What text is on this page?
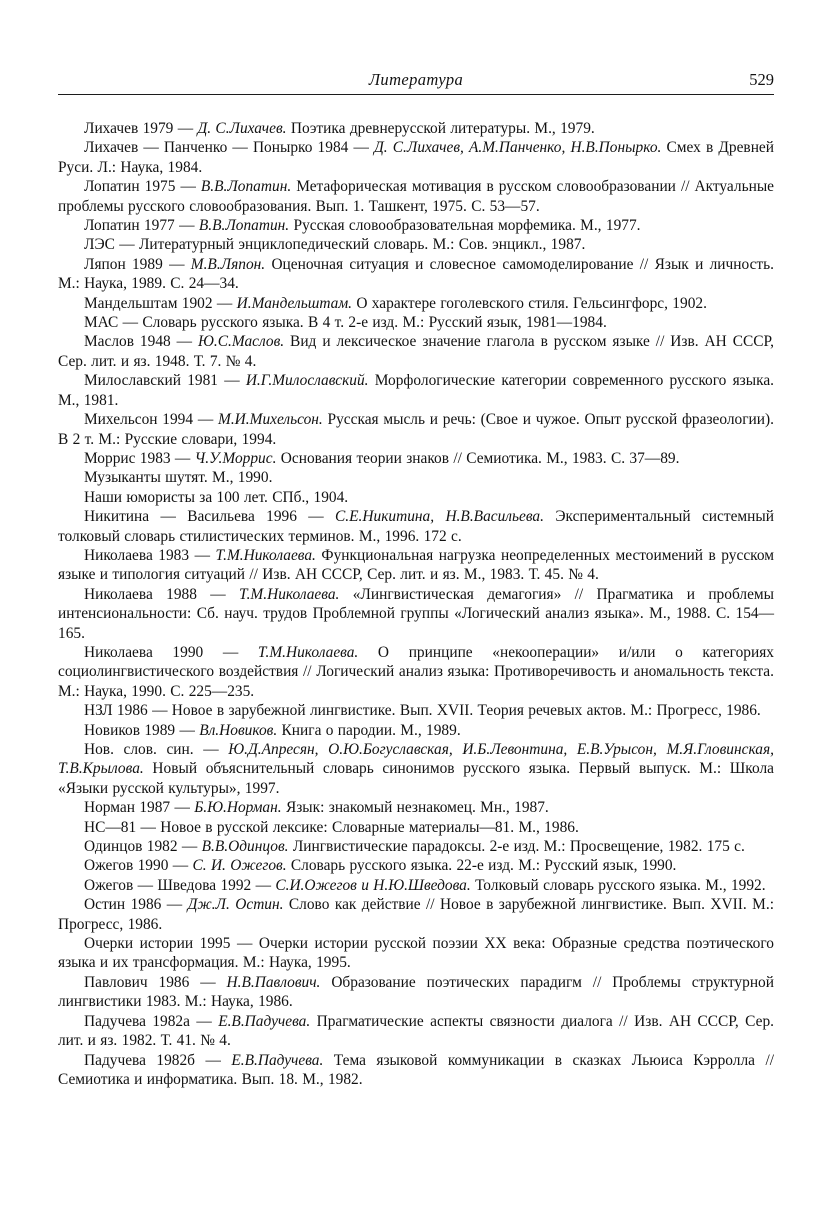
Литература	529

Лихачев 1979 — Д. С.Лихачев. Поэтика древнерусской литературы. М., 1979.

Лихачев — Панченко — Понырко 1984 — Д. С.Лихачев, А.М.Панченко, Н.В.Понырко. Смех в Древней Руси. Л.: Наука, 1984.

Лопатин 1975 — В.В.Лопатин. Метафорическая мотивация в русском словообразовании // Актуальные проблемы русского словообразования. Вып. 1. Ташкент, 1975. С. 53—57.

Лопатин 1977 — В.В.Лопатин. Русская словообразовательная морфемика. М., 1977.

ЛЭС — Литературный энциклопедический словарь. М.: Сов. энцикл., 1987.

Ляпон 1989 — М.В.Ляпон. Оценочная ситуация и словесное самомоделирование // Язык и личность. М.: Наука, 1989. С. 24—34.

Мандельштам 1902 — И.Мандельштам. О характере гоголевского стиля. Гельсингфорс, 1902.

МАС — Словарь русского языка. В 4 т. 2-е изд. М.: Русский язык, 1981—1984.

Маслов 1948 — Ю.С.Маслов. Вид и лексическое значение глагола в русском языке // Изв. АН СССР, Сер. лит. и яз. 1948. Т. 7. № 4.

Милославский 1981 — И.Г.Милославский. Морфологические категории современного русского языка. М., 1981.

Михельсон 1994 — М.И.Михельсон. Русская мысль и речь: (Свое и чужое. Опыт русской фразеологии). В 2 т. М.: Русские словари, 1994.

Моррис 1983 — Ч.У.Моррис. Основания теории знаков // Семиотика. М., 1983. С. 37—89.

Музыканты шутят. М., 1990.

Наши юмористы за 100 лет. СПб., 1904.

Никитина — Васильева 1996 — С.Е.Никитина, Н.В.Васильева. Экспериментальный системный толковый словарь стилистических терминов. М., 1996. 172 с.

Николаева 1983 — Т.М.Николаева. Функциональная нагрузка неопределенных местоимений в русском языке и типология ситуаций // Изв. АН СССР, Сер. лит. и яз. М., 1983. Т. 45. № 4.

Николаева 1988 — Т.М.Николаева. «Лингвистическая демагогия» // Прагматика и проблемы интенсиональности: Сб. науч. трудов Проблемной группы «Логический анализ языка». М., 1988. С. 154—165.

Николаева 1990 — Т.М.Николаева. О принципе «некооперации» и/или о категориях социолингвистического воздействия // Логический анализ языка: Противоречивость и аномальность текста. М.: Наука, 1990. С. 225—235.

НЗЛ 1986 — Новое в зарубежной лингвистике. Вып. XVII. Теория речевых актов. М.: Прогресс, 1986.

Новиков 1989 — Вл.Новиков. Книга о пародии. М., 1989.

Нов. слов. син. — Ю.Д.Апресян, О.Ю.Богуславская, И.Б.Левонтина, Е.В.Урысон, М.Я.Гловинская, Т.В.Крылова. Новый объяснительный словарь синонимов русского языка. Первый выпуск. М.: Школа «Языки русской культуры», 1997.

Норман 1987 — Б.Ю.Норман. Язык: знакомый незнакомец. Мн., 1987.

НС—81 — Новое в русской лексике: Словарные материалы—81. М., 1986.

Одинцов 1982 — В.В.Одинцов. Лингвистические парадоксы. 2-е изд. М.: Просвещение, 1982. 175 с.

Ожегов 1990 — С. И. Ожегов. Словарь русского языка. 22-е изд. М.: Русский язык, 1990.

Ожегов — Шведова 1992 — С.И.Ожегов и Н.Ю.Шведова. Толковый словарь русского языка. М., 1992.

Остин 1986 — Дж.Л. Остин. Слово как действие // Новое в зарубежной лингвистике. Вып. XVII. М.: Прогресс, 1986.

Очерки истории 1995 — Очерки истории русской поэзии XX века: Образные средства поэтического языка и их трансформация. М.: Наука, 1995.

Павлович 1986 — Н.В.Павлович. Образование поэтических парадигм // Проблемы структурной лингвистики 1983. М.: Наука, 1986.

Падучева 1982а — Е.В.Падучева. Прагматические аспекты связности диалога // Изв. АН СССР, Сер. лит. и яз. 1982. Т. 41. № 4.

Падучева 1982б — Е.В.Падучева. Тема языковой коммуникации в сказках Льюиса Кэрролла // Семиотика и информатика. Вып. 18. М., 1982.
